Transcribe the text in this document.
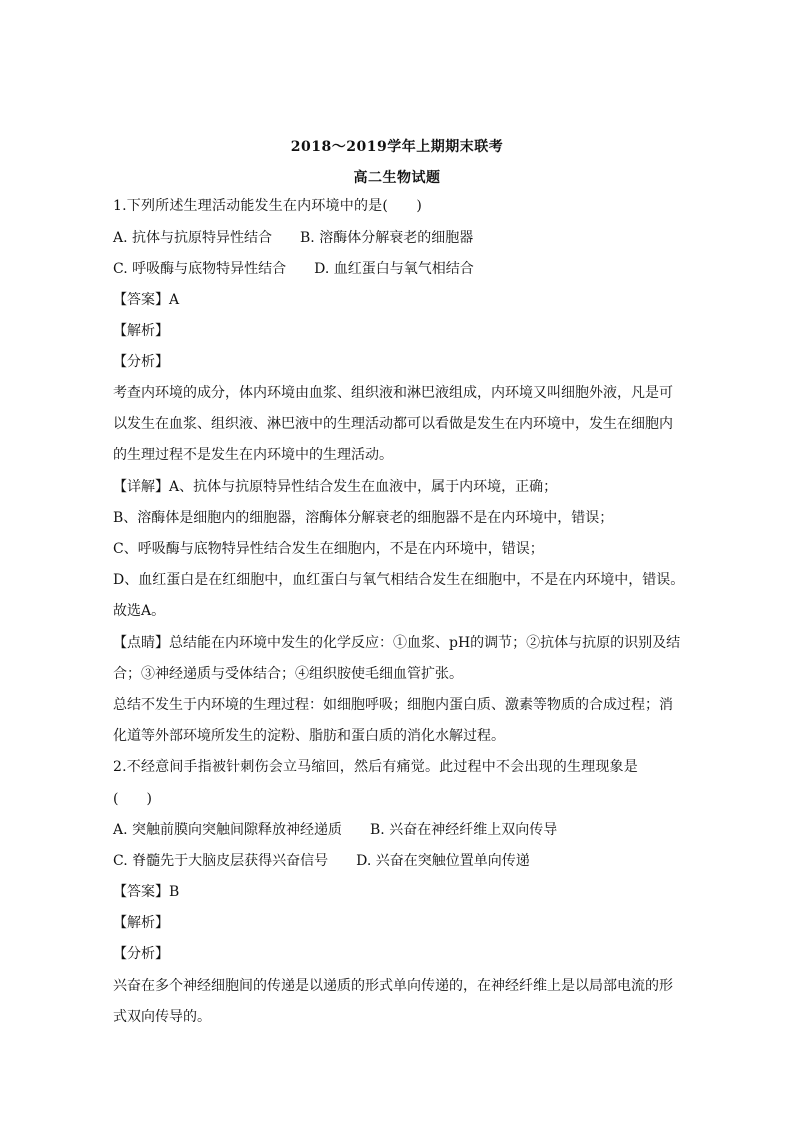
2018～2019学年上期期末联考
高二生物试题
1.下列所述生理活动能发生在内环境中的是(　　)
A. 抗体与抗原特异性结合　　B. 溶酶体分解衰老的细胞器
C. 呼吸酶与底物特异性结合　　D. 血红蛋白与氧气相结合
【答案】A
【解析】
【分析】
考查内环境的成分，体内环境由血浆、组织液和淋巴液组成，内环境又叫细胞外液，凡是可
以发生在血浆、组织液、淋巴液中的生理活动都可以看做是发生在内环境中，发生在细胞内
的生理过程不是发生在内环境中的生理活动。
【详解】A、抗体与抗原特异性结合发生在血液中，属于内环境，正确；
B、溶酶体是细胞内的细胞器，溶酶体分解衰老的细胞器不是在内环境中，错误；
C、呼吸酶与底物特异性结合发生在细胞内，不是在内环境中，错误；
D、血红蛋白是在红细胞中，血红蛋白与氧气相结合发生在细胞中，不是在内环境中，错误。
故选A。
【点睛】总结能在内环境中发生的化学反应：①血浆、pH的调节；②抗体与抗原的识别及结
合；③神经递质与受体结合；④组织胺使毛细血管扩张。
总结不发生于内环境的生理过程：如细胞呼吸；细胞内蛋白质、激素等物质的合成过程；消
化道等外部环境所发生的淀粉、脂肪和蛋白质的消化水解过程。
2.不经意间手指被针刺伤会立马缩回，然后有痛觉。此过程中不会出现的生理现象是
(　　)
A. 突触前膜向突触间隙释放神经递质　　B. 兴奋在神经纤维上双向传导
C. 脊髓先于大脑皮层获得兴奋信号　　D. 兴奋在突触位置单向传递
【答案】B
【解析】
【分析】
兴奋在多个神经细胞间的传递是以递质的形式单向传递的，在神经纤维上是以局部电流的形
式双向传导的。
